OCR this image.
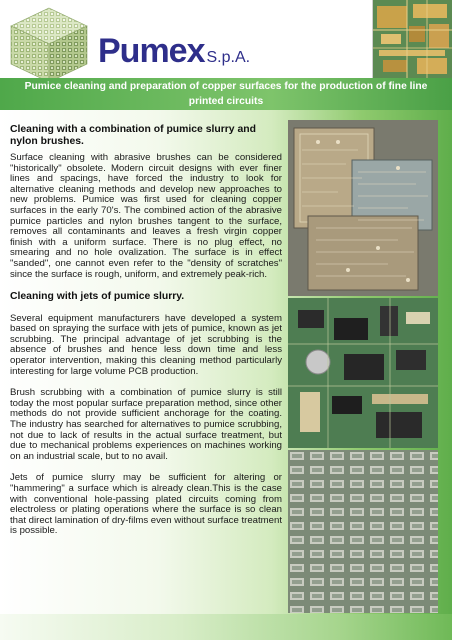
Pumex S.p.A.
Pumice cleaning and preparation of copper surfaces for the production of fine line printed circuits
Cleaning with a combination of pumice slurry and nylon brushes.
Surface cleaning with abrasive brushes can be considered "historically" obsolete. Modern circuit designs with ever finer lines and spacings, have forced the industry to look for alternative cleaning methods and develop new approaches to new problems. Pumice was first used for cleaning copper surfaces in the early 70's. The combined action of the abrasive pumice particles and nylon brushes tangent to the surface, removes all contaminants and leaves a fresh virgin copper finish with a uniform surface. There is no plug effect, no smearing and no hole ovalization. The surface is in effect "sanded", one cannot even refer to the "density of scratches" since the surface is rough, uniform, and extremely peak-rich.
Cleaning with jets of pumice slurry.
Several equipment manufacturers have developed a system based on spraying the surface with jets of pumice, known as jet scrubbing. The principal advantage of jet scrubbing is the absence of brushes and hence less down time and less operator intervention, making this cleaning method particularly interesting for large volume PCB production.
Brush scrubbing with a combination of pumice slurry is still today the most popular surface preparation method, since other methods do not provide sufficient anchorage for the coating. The industry has searched for alternatives to pumice scrubbing, not due to lack of results in the actual surface treatment, but due to mechanical problems experiences on machines working on an industrial scale, but to no avail.
Jets of pumice slurry may be sufficient for altering or "hammering" a surface which is already clean.This is the case with conventional hole-passing plated circuits coming from electroless or plating operations where the surface is so clean that direct lamination of dry-films even without surface treatment is possible.
